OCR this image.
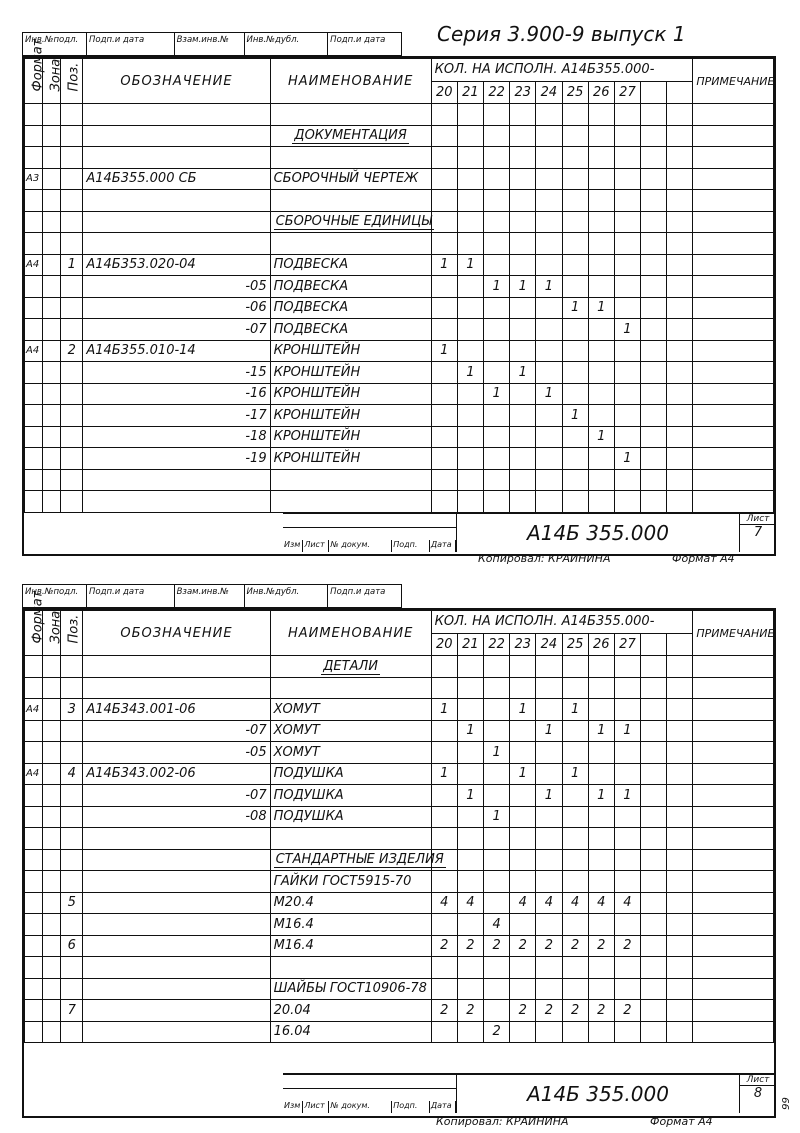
Серия 3.900-9 выпуск 1
Инв.№подл.	Подп.и дата	Взам.инв.№	Инв.№дубл.	Подп.и дата
Формат	Зона	Поз.	ОБОЗНАЧЕНИЕ	НАИМЕНОВАНИЕ	КОЛ. НА ИСПОЛН. А14Б355.000-										ПРИМЕЧАНИЕ
					20	21	22	23	24	25	26	27			

				ДОКУМЕНТАЦИЯ											

А3			А14Б355.000 СБ	СБОРОЧНЫЙ ЧЕРТЕЖ											

				СБОРОЧНЫЕ ЕДИНИЦЫ											

А4		1	А14Б353.020-04	ПОДВЕСКА	1	1									
			-05	ПОДВЕСКА			1	1	1						
			-06	ПОДВЕСКА						1	1				
			-07	ПОДВЕСКА								1			
А4		2	А14Б355.010-14	КРОНШТЕЙН	1										
			-15	КРОНШТЕЙН		1		1							
			-16	КРОНШТЕЙН			1		1						
			-17	КРОНШТЕЙН						1					
			-18	КРОНШТЕЙН							1				
			-19	КРОНШТЕЙН								1			

Изм Лист № докум.	Подп.	Дата	А14Б 355.000
Лист
7
Копировал: КРАИНИНА	Формат А4
Инв.№подл.	Подп.и дата	Взам.инв.№	Инв.№дубл.	Подп.и дата
Формат	Зона	Поз.	ОБОЗНАЧЕНИЕ	НАИМЕНОВАНИЕ	КОЛ. НА ИСПОЛН. А14Б355.000-										ПРИМЕЧАНИЕ
					20	21	22	23	24	25	26	27			
				ДЕТАЛИ											

А4		3	А14Б343.001-06	ХОМУТ	1			1		1					
			-07	ХОМУТ		1			1		1	1			
			-05	ХОМУТ			1								
А4		4	А14Б343.002-06	ПОДУШКА	1			1		1					
			-07	ПОДУШКА		1			1		1	1			
			-08	ПОДУШКА			1								

				СТАНДАРТНЫЕ ИЗДЕЛИЯ											
				ГАЙКИ ГОСТ5915-70											
		5		М20.4	4	4		4	4	4	4	4			
				М16.4			4								
		6		М16.4	2	2	2	2	2	2	2	2			

				ШАЙБЫ ГОСТ10906-78											
		7		20.04	2	2		2	2	2	2	2			
				16.04			2								
Изм Лист № докум.	Подп.	Дата	А14Б 355.000
Лист
8
Копировал: КРАИНИНА	Формат А4
99
